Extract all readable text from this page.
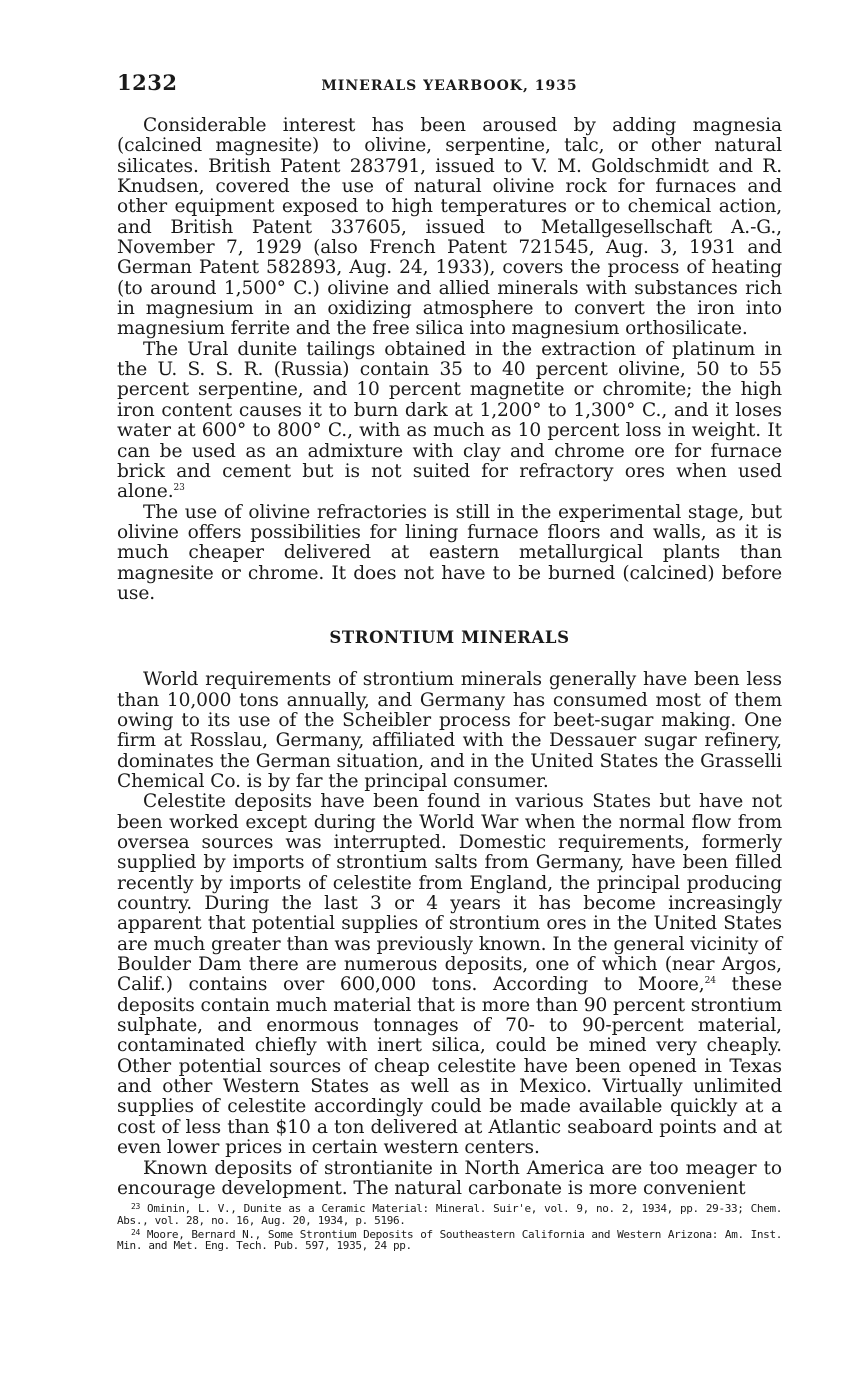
1232	MINERALS YEARBOOK, 1935

Considerable interest has been aroused by adding magnesia (calcined magnesite) to olivine, serpentine, talc, or other natural silicates. British Patent 283791, issued to V. M. Goldschmidt and R. Knudsen, covered the use of natural olivine rock for furnaces and other equipment exposed to high temperatures or to chemical action, and British Patent 337605, issued to Metallgesellschaft A.-G., November 7, 1929 (also French Patent 721545, Aug. 3, 1931 and German Patent 582893, Aug. 24, 1933), covers the process of heating (to around 1,500° C.) olivine and allied minerals with substances rich in magnesium in an oxidizing atmosphere to convert the iron into magnesium ferrite and the free silica into magnesium orthosilicate.

The Ural dunite tailings obtained in the extraction of platinum in the U. S. S. R. (Russia) contain 35 to 40 percent olivine, 50 to 55 percent serpentine, and 10 percent magnetite or chromite; the high iron content causes it to burn dark at 1,200° to 1,300° C., and it loses water at 600° to 800° C., with as much as 10 percent loss in weight. It can be used as an admixture with clay and chrome ore for furnace brick and cement but is not suited for refractory ores when used alone.$^{23}$

The use of olivine refractories is still in the experimental stage, but olivine offers possibilities for lining furnace floors and walls, as it is much cheaper delivered at eastern metallurgical plants than magnesite or chrome. It does not have to be burned (calcined) before use.

STRONTIUM MINERALS

World requirements of strontium minerals generally have been less than 10,000 tons annually, and Germany has consumed most of them owing to its use of the Scheibler process for beet-sugar making. One firm at Rosslau, Germany, affiliated with the Dessauer sugar refinery, dominates the German situation, and in the United States the Grasselli Chemical Co. is by far the principal consumer.

Celestite deposits have been found in various States but have not been worked except during the World War when the normal flow from oversea sources was interrupted. Domestic requirements, formerly supplied by imports of strontium salts from Germany, have been filled recently by imports of celestite from England, the principal producing country. During the last 3 or 4 years it has become increasingly apparent that potential supplies of strontium ores in the United States are much greater than was previously known. In the general vicinity of Boulder Dam there are numerous deposits, one of which (near Argos, Calif.) contains over 600,000 tons. According to Moore,$^{24}$ these deposits contain much material that is more than 90 percent strontium sulphate, and enormous tonnages of 70- to 90-percent material, contaminated chiefly with inert silica, could be mined very cheaply. Other potential sources of cheap celestite have been opened in Texas and other Western States as well as in Mexico. Virtually unlimited supplies of celestite accordingly could be made available quickly at a cost of less than $10 a ton delivered at Atlantic seaboard points and at even lower prices in certain western centers.

Known deposits of strontianite in North America are too meager to encourage development. The natural carbonate is more convenient

$^{23}$ Ominin, L. V., Dunite as a Ceramic Material: Mineral. Suir'e, vol. 9, no. 2, 1934, pp. 29-33; Chem. Abs., vol. 28, no. 16, Aug. 20, 1934, p. 5196.

$^{24}$ Moore, Bernard N., Some Strontium Deposits of Southeastern California and Western Arizona: Am. Inst. Min. and Met. Eng. Tech. Pub. 597, 1935, 24 pp.
